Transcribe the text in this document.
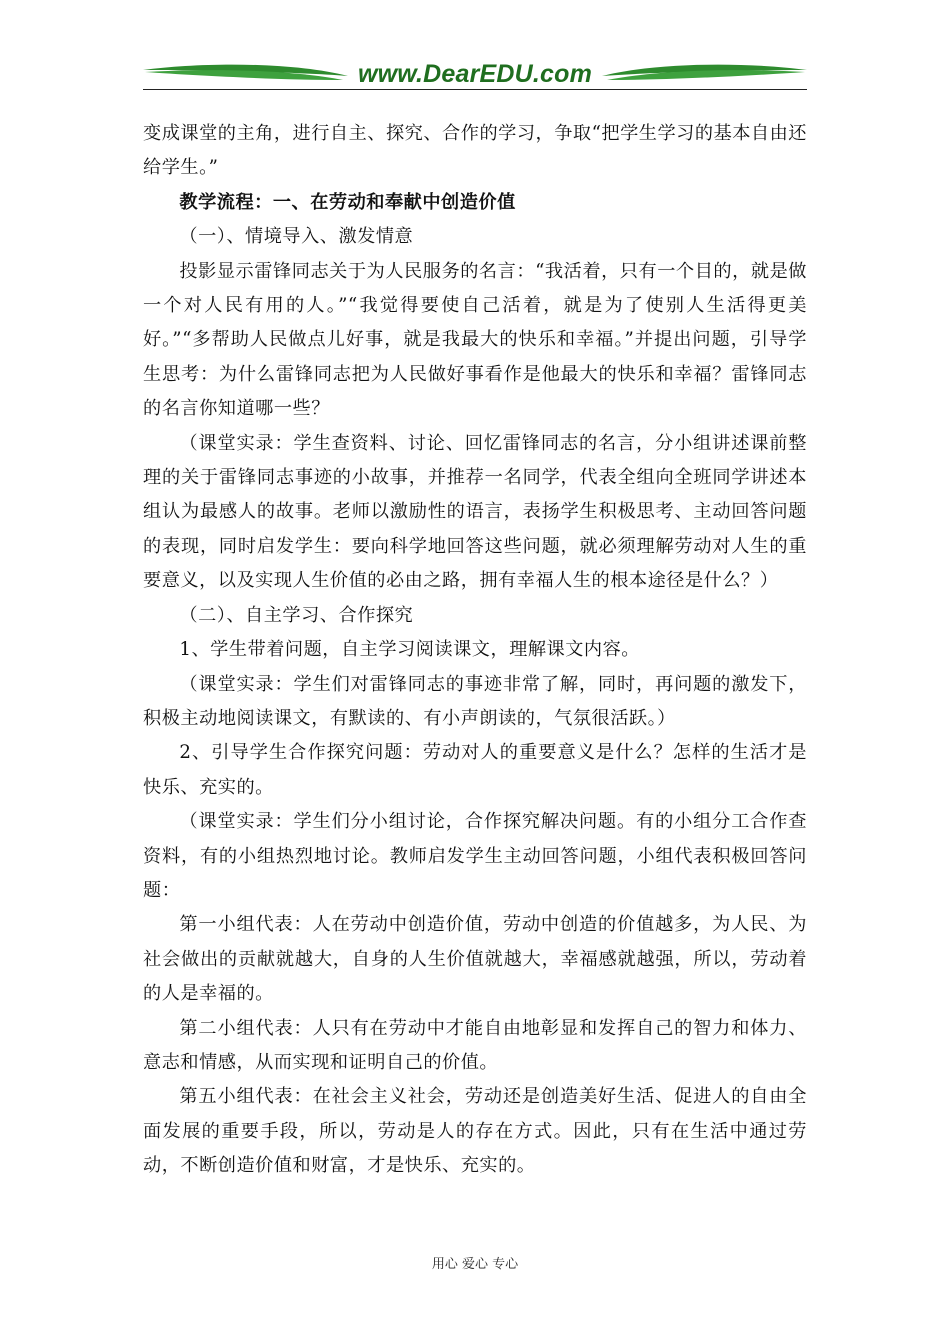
www.DearEDU.com

变成课堂的主角，进行自主、探究、合作的学习，争取“把学生学习的基本自由还给学生。”

教学流程：一、在劳动和奉献中创造价值

（一）、情境导入、激发情意

投影显示雷锋同志关于为人民服务的名言：“我活着，只有一个目的，就是做一个对人民有用的人。”“我觉得要使自己活着，就是为了使别人生活得更美好。”“多帮助人民做点儿好事，就是我最大的快乐和幸福。”并提出问题，引导学生思考：为什么雷锋同志把为人民做好事看作是他最大的快乐和幸福？雷锋同志的名言你知道哪一些？

（课堂实录：学生查资料、讨论、回忆雷锋同志的名言，分小组讲述课前整理的关于雷锋同志事迹的小故事，并推荐一名同学，代表全组向全班同学讲述本组认为最感人的故事。老师以激励性的语言，表扬学生积极思考、主动回答问题的表现，同时启发学生：要向科学地回答这些问题，就必须理解劳动对人生的重要意义，以及实现人生价值的必由之路，拥有幸福人生的根本途径是什么？）

（二）、自主学习、合作探究

1、学生带着问题，自主学习阅读课文，理解课文内容。

（课堂实录：学生们对雷锋同志的事迹非常了解，同时，再问题的激发下，积极主动地阅读课文，有默读的、有小声朗读的，气氛很活跃。）

2、引导学生合作探究问题：劳动对人的重要意义是什么？怎样的生活才是快乐、充实的。

（课堂实录：学生们分小组讨论，合作探究解决问题。有的小组分工合作查资料，有的小组热烈地讨论。教师启发学生主动回答问题，小组代表积极回答问题：

第一小组代表：人在劳动中创造价值，劳动中创造的价值越多，为人民、为社会做出的贡献就越大，自身的人生价值就越大，幸福感就越强，所以，劳动着的人是幸福的。

第二小组代表：人只有在劳动中才能自由地彰显和发挥自己的智力和体力、意志和情感，从而实现和证明自己的价值。

第五小组代表：在社会主义社会，劳动还是创造美好生活、促进人的自由全面发展的重要手段，所以，劳动是人的存在方式。因此，只有在生活中通过劳动，不断创造价值和财富，才是快乐、充实的。

用心 爱心 专心
